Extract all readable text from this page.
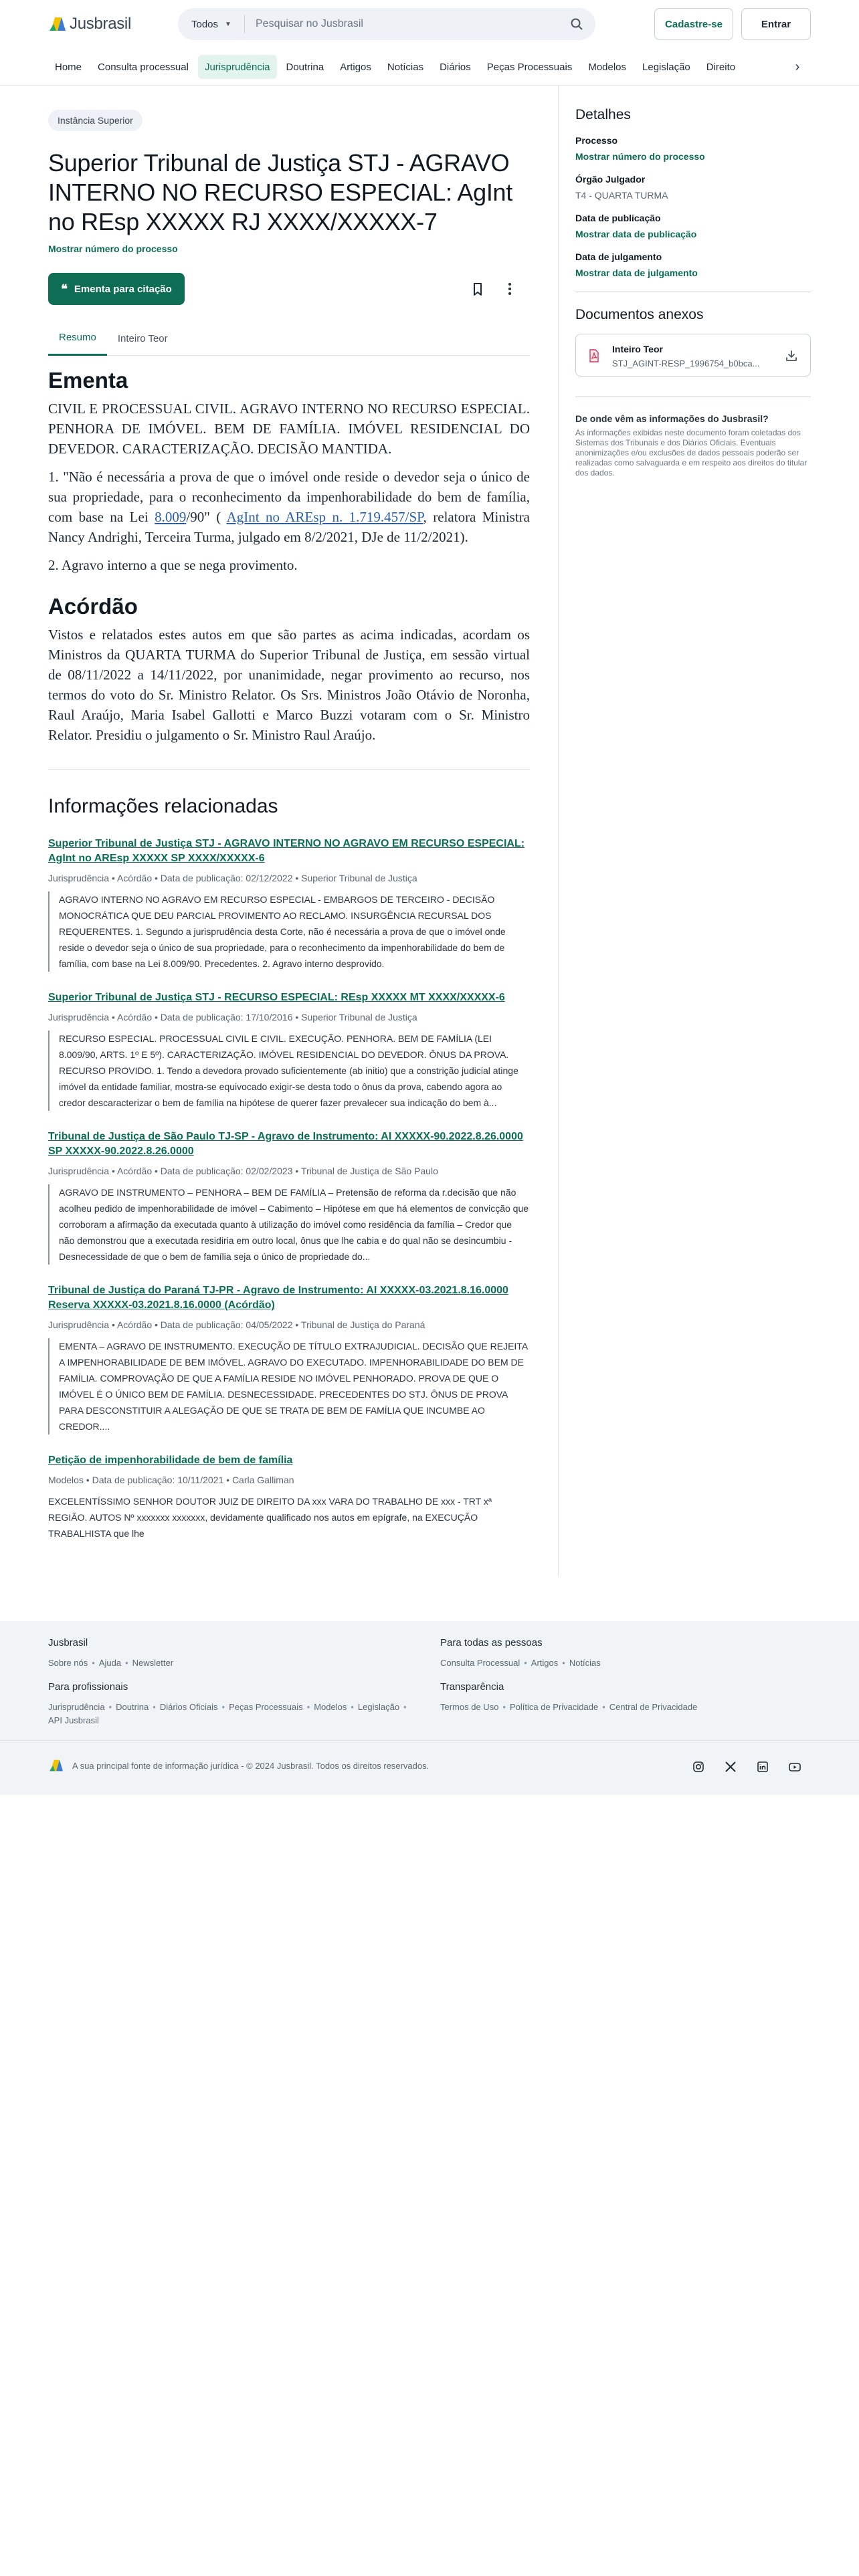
Jusbrasil	Todos ▼
Pesquisar no Jusbrasil	Cadastre-se	Entrar
Home	Consulta processual	Jurisprudência	Doutrina	Artigos	Notícias	Diários	Peças Processuais	Modelos	Legislação	Direito	›
Instância Superior
Superior Tribunal de Justiça STJ - AGRAVO INTERNO NO RECURSO ESPECIAL: AgInt no REsp XXXXX RJ XXXX/XXXXX-7
Mostrar número do processo
❝ Ementa para citação
Resumo	Inteiro Teor
Ementa

CIVIL E PROCESSUAL CIVIL. AGRAVO INTERNO NO RECURSO ESPECIAL. PENHORA DE IMÓVEL. BEM DE FAMÍLIA. IMÓVEL RESIDENCIAL DO DEVEDOR. CARACTERIZAÇÃO. DECISÃO MANTIDA.

1. "Não é necessária a prova de que o imóvel onde reside o devedor seja o único de sua propriedade, para o reconhecimento da impenhorabilidade do bem de família, com base na Lei 8.009/90" ( AgInt no AREsp n. 1.719.457/SP, relatora Ministra Nancy Andrighi, Terceira Turma, julgado em 8/2/2021, DJe de 11/2/2021).

2. Agravo interno a que se nega provimento.

Acórdão

Vistos e relatados estes autos em que são partes as acima indicadas, acordam os Ministros da QUARTA TURMA do Superior Tribunal de Justiça, em sessão virtual de 08/11/2022 a 14/11/2022, por unanimidade, negar provimento ao recurso, nos termos do voto do Sr. Ministro Relator. Os Srs. Ministros João Otávio de Noronha, Raul Araújo, Maria Isabel Gallotti e Marco Buzzi votaram com o Sr. Ministro Relator. Presidiu o julgamento o Sr. Ministro Raul Araújo.

Informações relacionadas
Superior Tribunal de Justiça STJ - AGRAVO INTERNO NO AGRAVO EM RECURSO ESPECIAL: AgInt no AREsp XXXXX SP XXXX/XXXXX-6
Jurisprudência • Acórdão • Data de publicação: 02/12/2022 • Superior Tribunal de Justiça
AGRAVO INTERNO NO AGRAVO EM RECURSO ESPECIAL - EMBARGOS DE TERCEIRO - DECISÃO MONOCRÁTICA QUE DEU PARCIAL PROVIMENTO AO RECLAMO. INSURGÊNCIA RECURSAL DOS REQUERENTES. 1. Segundo a jurisprudência desta Corte, não é necessária a prova de que o imóvel onde reside o devedor seja o único de sua propriedade, para o reconhecimento da impenhorabilidade do bem de família, com base na Lei 8.009/90. Precedentes. 2. Agravo interno desprovido.
Superior Tribunal de Justiça STJ - RECURSO ESPECIAL: REsp XXXXX MT XXXX/XXXXX-6
Jurisprudência • Acórdão • Data de publicação: 17/10/2016 • Superior Tribunal de Justiça
RECURSO ESPECIAL. PROCESSUAL CIVIL E CIVIL. EXECUÇÃO. PENHORA. BEM DE FAMÍLIA (LEI 8.009/90, ARTS. 1º E 5º). CARACTERIZAÇÃO. IMÓVEL RESIDENCIAL DO DEVEDOR. ÔNUS DA PROVA. RECURSO PROVIDO. 1. Tendo a devedora provado suficientemente (ab initio) que a constrição judicial atinge imóvel da entidade familiar, mostra-se equivocado exigir-se desta todo o ônus da prova, cabendo agora ao credor descaracterizar o bem de família na hipótese de querer fazer prevalecer sua indicação do bem à...
Tribunal de Justiça de São Paulo TJ-SP - Agravo de Instrumento: AI XXXXX-90.2022.8.26.0000 SP XXXXX-90.2022.8.26.0000
Jurisprudência • Acórdão • Data de publicação: 02/02/2023 • Tribunal de Justiça de São Paulo
AGRAVO DE INSTRUMENTO – PENHORA – BEM DE FAMÍLIA – Pretensão de reforma da r.decisão que não acolheu pedido de impenhorabilidade de imóvel – Cabimento – Hipótese em que há elementos de convicção que corroboram a afirmação da executada quanto à utilização do imóvel como residência da família – Credor que não demonstrou que a executada residiria em outro local, ônus que lhe cabia e do qual não se desincumbiu - Desnecessidade de que o bem de família seja o único de propriedade do...
Tribunal de Justiça do Paraná TJ-PR - Agravo de Instrumento: AI XXXXX-03.2021.8.16.0000 Reserva XXXXX-03.2021.8.16.0000 (Acórdão)
Jurisprudência • Acórdão • Data de publicação: 04/05/2022 • Tribunal de Justiça do Paraná
EMENTA – AGRAVO DE INSTRUMENTO. EXECUÇÃO DE TÍTULO EXTRAJUDICIAL. DECISÃO QUE REJEITA A IMPENHORABILIDADE DE BEM IMÓVEL. AGRAVO DO EXECUTADO. IMPENHORABILIDADE DO BEM DE FAMÍLIA. COMPROVAÇÃO DE QUE A FAMÍLIA RESIDE NO IMÓVEL PENHORADO. PROVA DE QUE O IMÓVEL É O ÚNICO BEM DE FAMÍLIA. DESNECESSIDADE. PRECEDENTES DO STJ. ÔNUS DE PROVA PARA DESCONSTITUIR A ALEGAÇÃO DE QUE SE TRATA DE BEM DE FAMÍLIA QUE INCUMBE AO CREDOR....
Petição de impenhorabilidade de bem de família
Modelos • Data de publicação: 10/11/2021 • Carla Galliman
EXCELENTÍSSIMO SENHOR DOUTOR JUIZ DE DIREITO DA xxx VARA DO TRABALHO DE xxx - TRT xª REGIÃO. AUTOS Nº xxxxxxx xxxxxxx, devidamente qualificado nos autos em epígrafe, na EXECUÇÃO TRABALHISTA que lhe
Detalhes
Processo
Mostrar número do processo
Órgão Julgador
T4 - QUARTA TURMA
Data de publicação
Mostrar data de publicação
Data de julgamento
Mostrar data de julgamento
Documentos anexos
Inteiro Teor
STJ_AGINT-RESP_1996754_b0bca...
De onde vêm as informações do Jusbrasil?
As informações exibidas neste documento foram coletadas dos Sistemas dos Tribunais e dos Diários Oficiais. Eventuais anonimizações e/ou exclusões de dados pessoais poderão ser realizadas como salvaguarda e em respeito aos direitos do titular dos dados.
Jusbrasil
Sobre nós • Ajuda • Newsletter
Para todas as pessoas
Consulta Processual • Artigos • Notícias
Para profissionais
Jurisprudência • Doutrina • Diários Oficiais • Peças Processuais • Modelos • Legislação •
API Jusbrasil
Transparência
Termos de Uso • Política de Privacidade • Central de Privacidade
A sua principal fonte de informação jurídica - © 2024 Jusbrasil. Todos os direitos reservados.
